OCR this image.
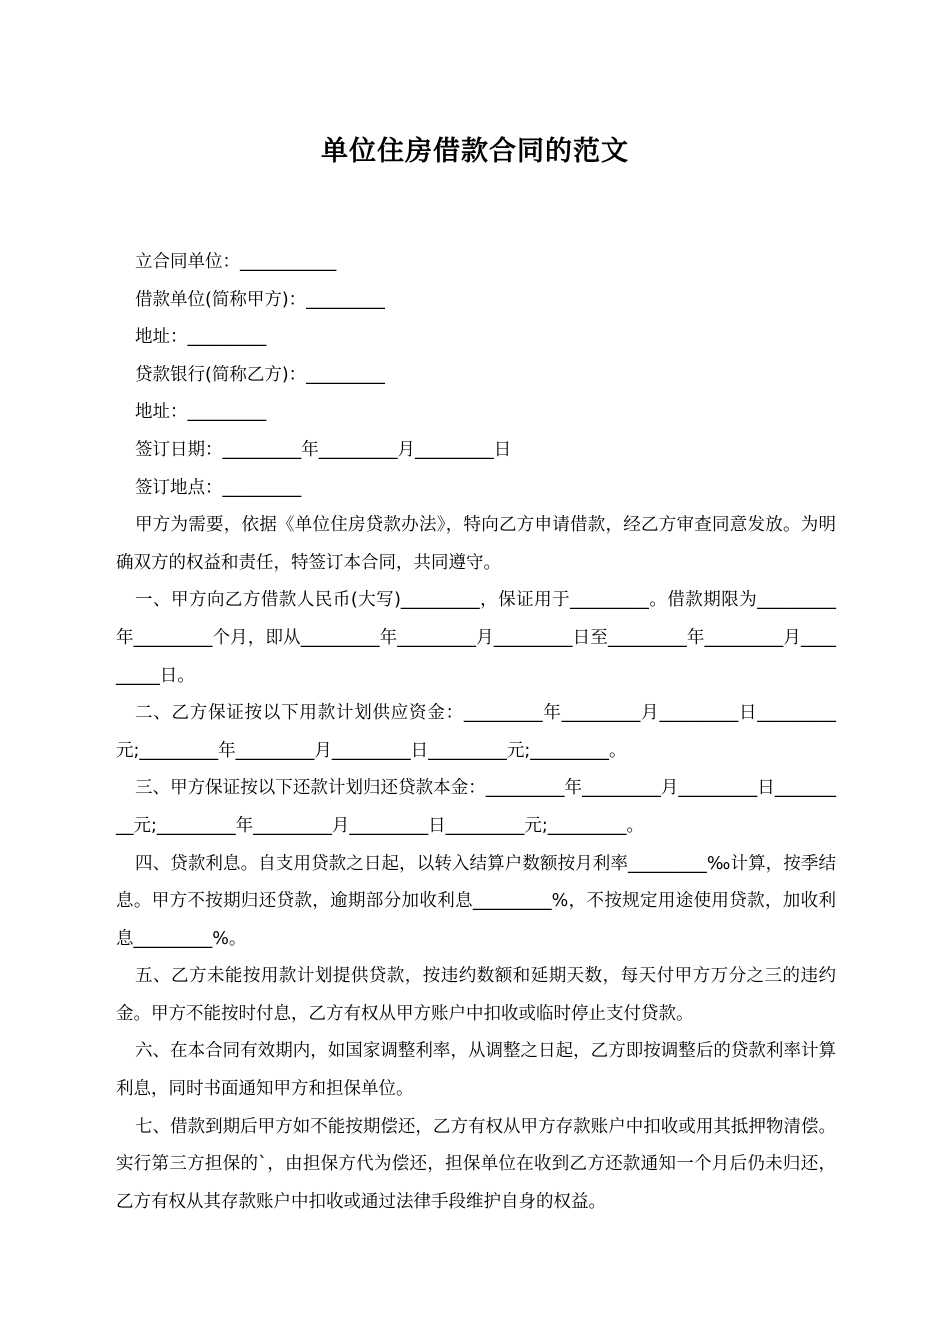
单位住房借款合同的范文
立合同单位：___________
借款单位(简称甲方)：_________
地址：_________
贷款银行(简称乙方)：_________
地址：_________
签订日期：_________年_________月_________日
签订地点：_________

甲方为需要，依据《单位住房贷款办法》，特向乙方申请借款，经乙方审查同意发放。为明确双方的权益和责任，特签订本合同，共同遵守。

一、甲方向乙方借款人民币(大写)_________，保证用于_________。借款期限为_________年_________个月，即从_________年_________月_________日至_________年_________月_________日。

二、乙方保证按以下用款计划供应资金：_________年_________月_________日_________元;_________年_________月_________日_________元;_________。

三、甲方保证按以下还款计划归还贷款本金：_________年_________月_________日_________元;_________年_________月_________日_________元;_________。

四、贷款利息。自支用贷款之日起，以转入结算户数额按月利率_________‰计算，按季结息。甲方不按期归还贷款，逾期部分加收利息_________%，不按规定用途使用贷款，加收利息_________%。

五、乙方未能按用款计划提供贷款，按违约数额和延期天数，每天付甲方万分之三的违约金。甲方不能按时付息，乙方有权从甲方账户中扣收或临时停止支付贷款。

六、在本合同有效期内，如国家调整利率，从调整之日起，乙方即按调整后的贷款利率计算利息，同时书面通知甲方和担保单位。

七、借款到期后甲方如不能按期偿还，乙方有权从甲方存款账户中扣收或用其抵押物清偿。实行第三方担保的`，由担保方代为偿还，担保单位在收到乙方还款通知一个月后仍未归还，乙方有权从其存款账户中扣收或通过法律手段维护自身的权益。
